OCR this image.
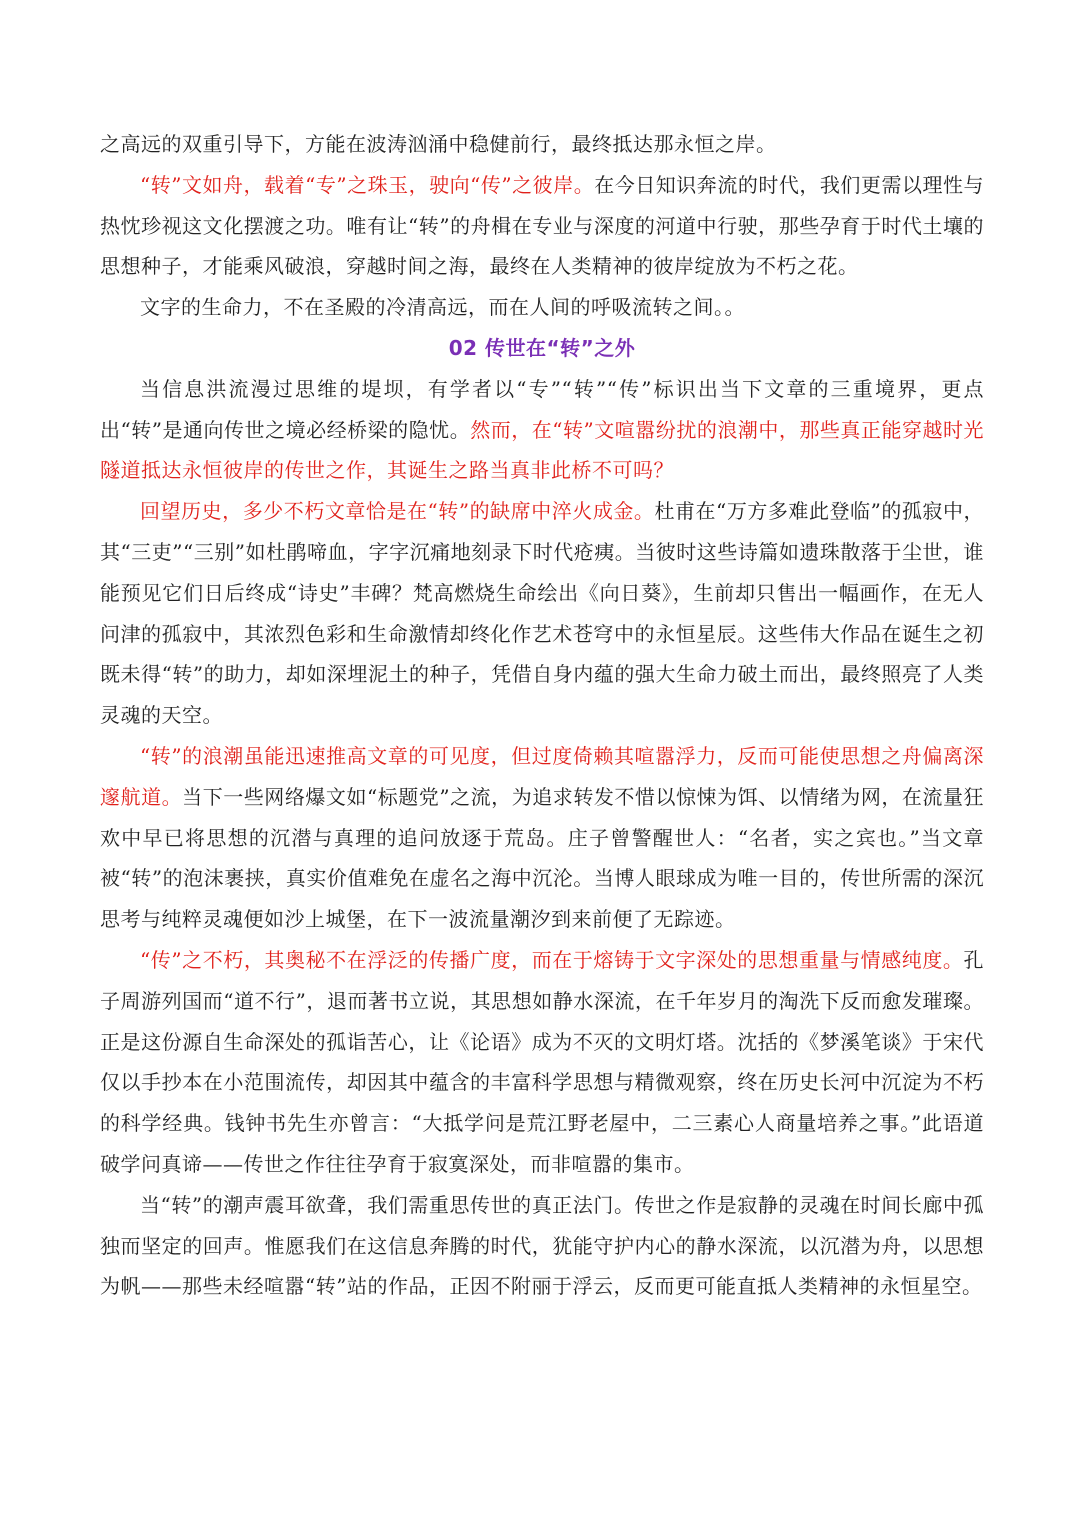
之高远的双重引导下，方能在波涛汹涌中稳健前行，最终抵达那永恒之岸。

“转”文如舟，载着“专”之珠玉，驶向“传”之彼岸。在今日知识奔流的时代，我们更需以理性与热忱珍视这文化摆渡之功。唯有让“转”的舟楫在专业与深度的河道中行驶，那些孕育于时代土壤的思想种子，才能乘风破浪，穿越时间之海，最终在人类精神的彼岸绽放为不朽之花。

文字的生命力，不在圣殿的冷清高远，而在人间的呼吸流转之间。。

02 传世在“转”之外

当信息洪流漫过思维的堤坝，有学者以“专”“转”“传”标识出当下文章的三重境界，更点出“转”是通向传世之境必经桥梁的隐忧。然而，在“转”文喧嚣纷扰的浪潮中，那些真正能穿越时光隧道抵达永恒彼岸的传世之作，其诞生之路当真非此桥不可吗？

回望历史，多少不朽文章恰是在“转”的缺席中淬火成金。杜甫在“万方多难此登临”的孤寂中，其“三吏”“三别”如杜鹃啼血，字字沉痛地刻录下时代疮痍。当彼时这些诗篇如遗珠散落于尘世，谁能预见它们日后终成“诗史”丰碑？梵高燃烧生命绘出《向日葵》，生前却只售出一幅画作，在无人问津的孤寂中，其浓烈色彩和生命激情却终化作艺术苍穹中的永恒星辰。这些伟大作品在诞生之初既未得“转”的助力，却如深埋泥土的种子，凭借自身内蕴的强大生命力破土而出，最终照亮了人类灵魂的天空。

“转”的浪潮虽能迅速推高文章的可见度，但过度倚赖其喧嚣浮力，反而可能使思想之舟偏离深邃航道。当下一些网络爆文如“标题党”之流，为追求转发不惜以惊悚为饵、以情绪为网，在流量狂欢中早已将思想的沉潜与真理的追问放逐于荒岛。庄子曾警醒世人：“名者，实之宾也。”当文章被“转”的泡沫裹挟，真实价值难免在虚名之海中沉沦。当博人眼球成为唯一目的，传世所需的深沉思考与纯粹灵魂便如沙上城堡，在下一波流量潮汐到来前便了无踪迹。

“传”之不朽，其奥秘不在浮泛的传播广度，而在于熔铸于文字深处的思想重量与情感纯度。孔子周游列国而“道不行”，退而著书立说，其思想如静水深流，在千年岁月的淘洗下反而愈发璀璨。正是这份源自生命深处的孤诣苦心，让《论语》成为不灭的文明灯塔。沈括的《梦溪笔谈》于宋代仅以手抄本在小范围流传，却因其中蕴含的丰富科学思想与精微观察，终在历史长河中沉淀为不朽的科学经典。钱钟书先生亦曾言：“大抵学问是荒江野老屋中，二三素心人商量培养之事。”此语道破学问真谛——传世之作往往孕育于寂寞深处，而非喧嚣的集市。

当“转”的潮声震耳欲聋，我们需重思传世的真正法门。传世之作是寂静的灵魂在时间长廊中孤独而坚定的回声。惟愿我们在这信息奔腾的时代，犹能守护内心的静水深流，以沉潜为舟，以思想为帆——那些未经喧嚣“转”站的作品，正因不附丽于浮云，反而更可能直抵人类精神的永恒星空。
